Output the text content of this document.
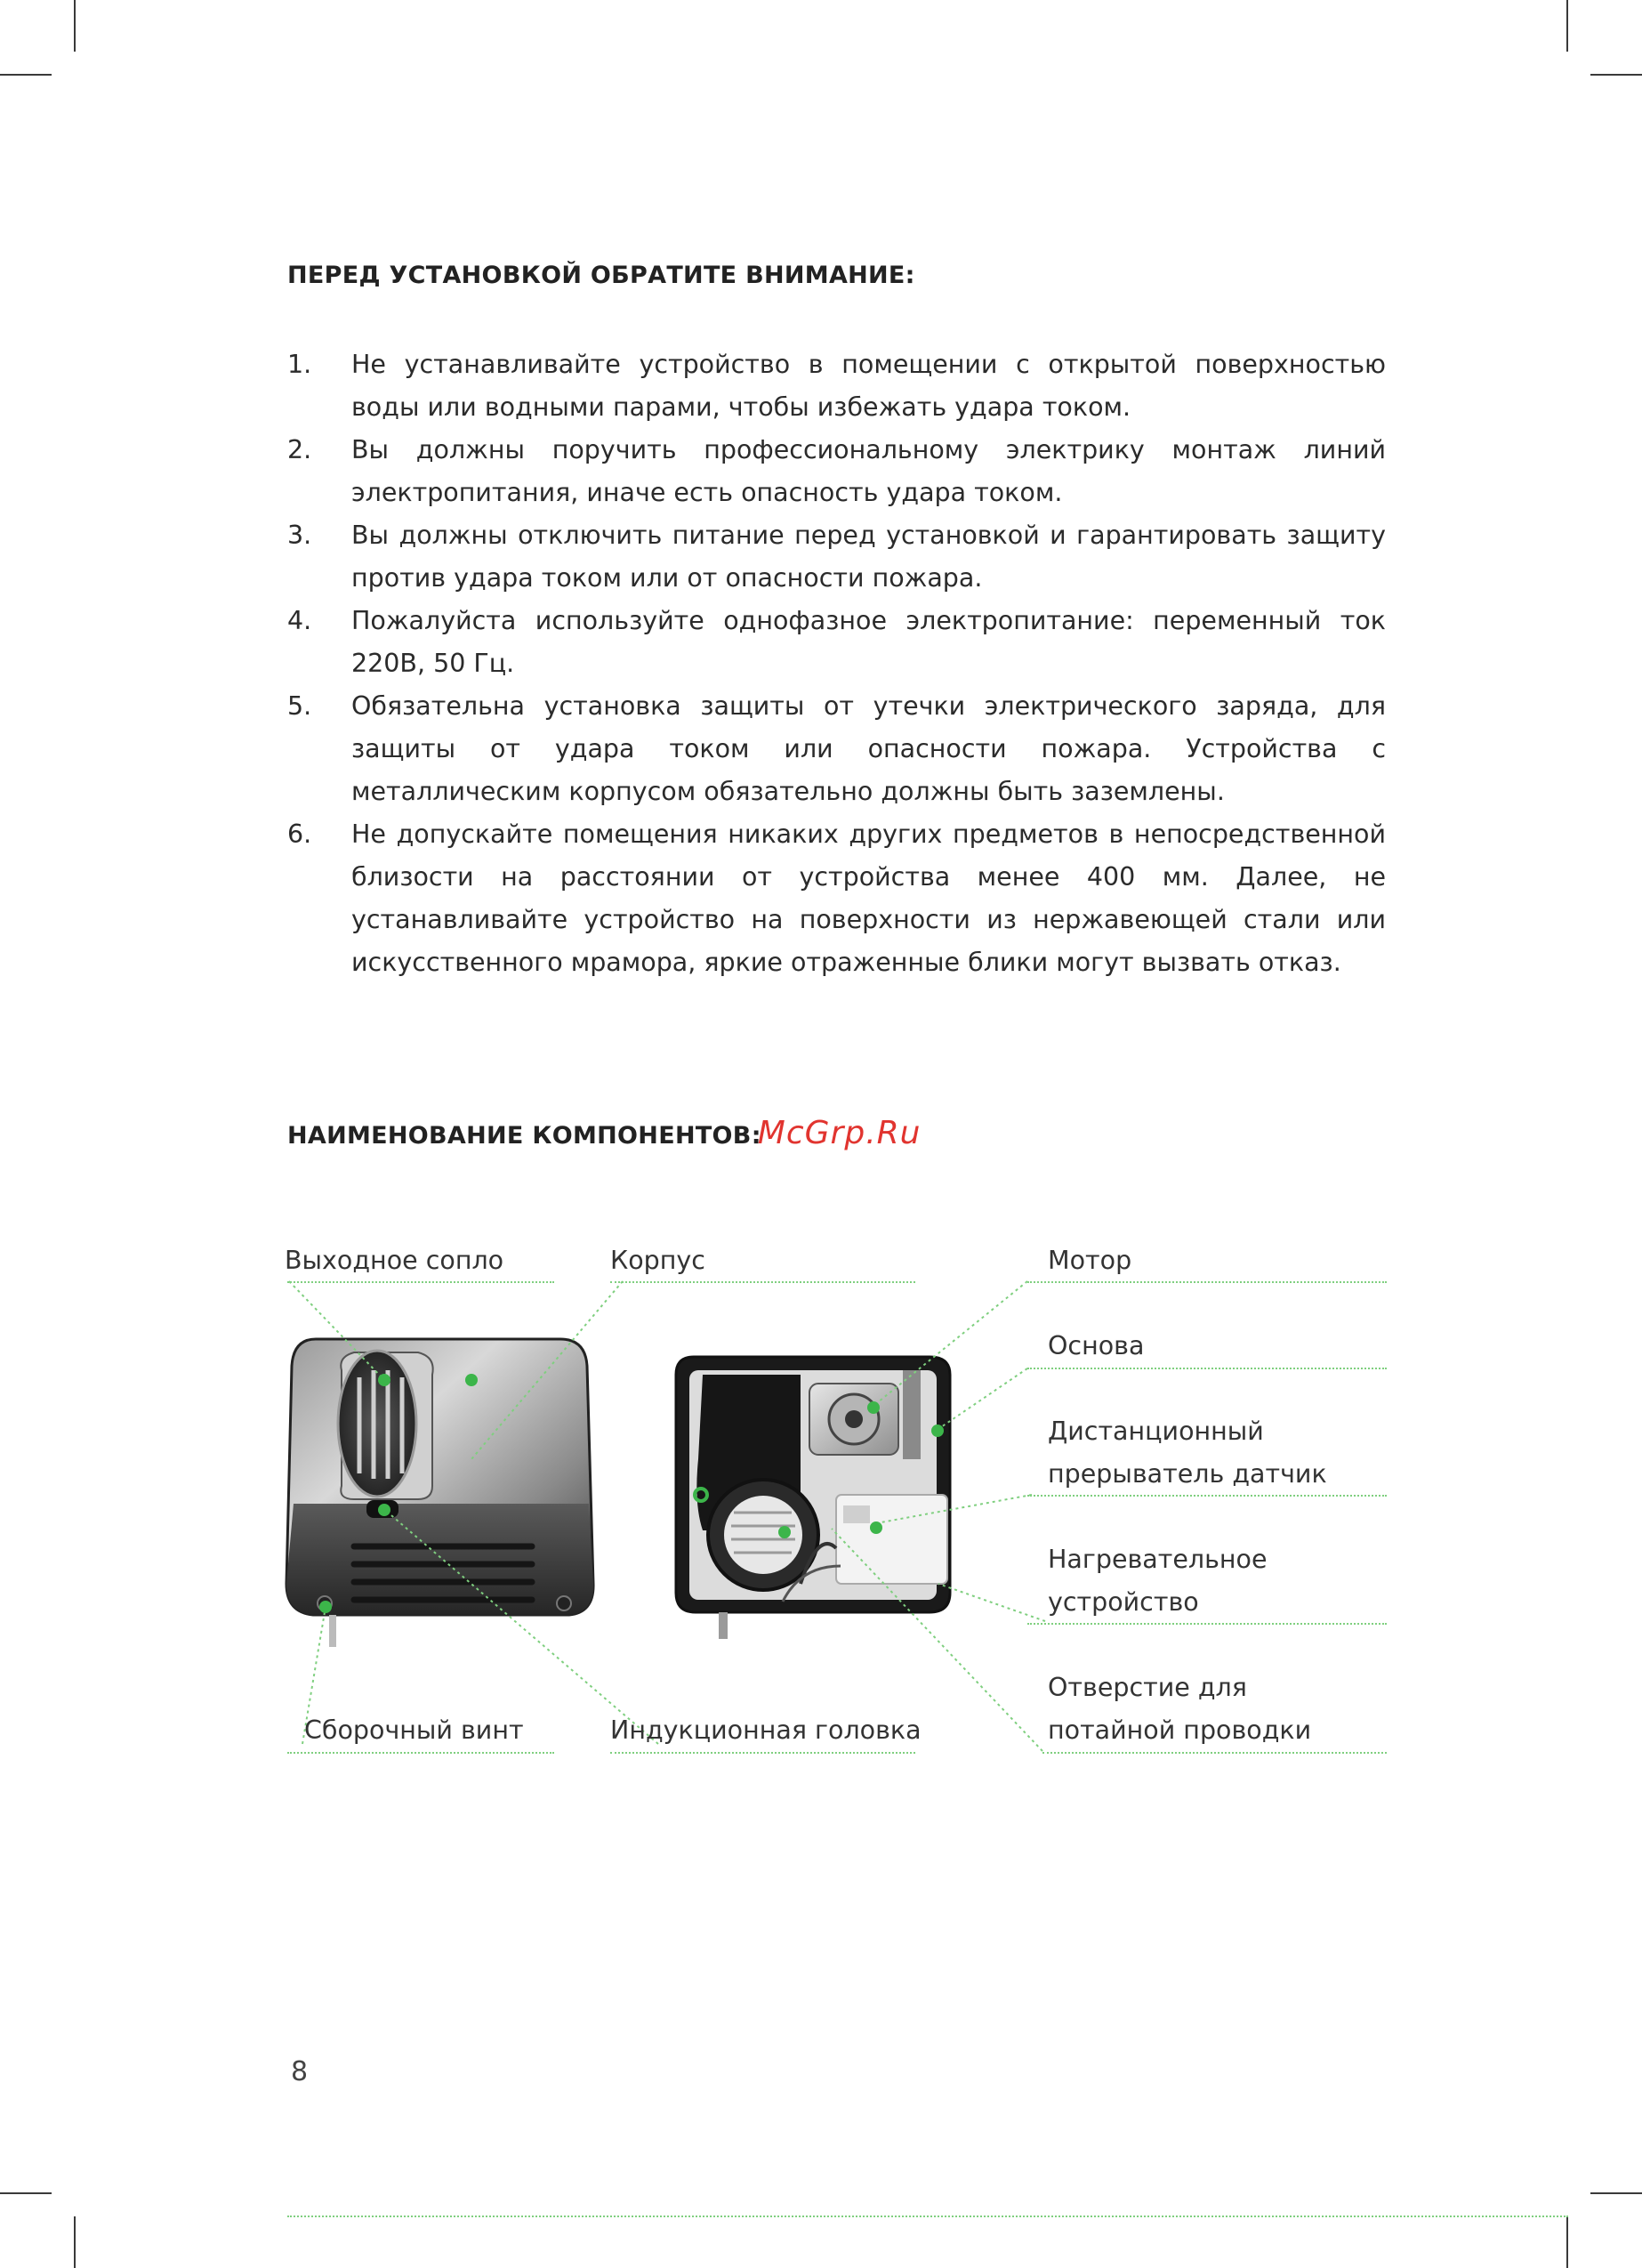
ПЕРЕД УСТАНОВКОЙ ОБРАТИТЕ ВНИМАНИЕ:
1.	Не устанавливайте устройство в помещении с открытой поверхностью воды или водными парами, чтобы избежать удара током.
2.	Вы должны поручить профессиональному электрику монтаж линий электропитания, иначе есть опасность удара током.
3.	Вы должны отключить питание перед установкой и гарантировать защиту против удара током или от опасности пожара.
4.	Пожалуйста используйте однофазное электропитание: переменный ток 220В, 50 Гц.
5.	Обязательна установка защиты от утечки электрического заряда, для защиты от удара током или опасности пожара. Устройства с металлическим корпусом обязательно должны быть заземлены.
6.	Не допускайте помещения никаких других предметов в непосредственной близости на расстоянии от устройства менее 400 мм. Далее, не устанавливайте устройство на поверхности из нержавеющей стали или искусственного мрамора, яркие отраженные блики могут вызвать отказ.
НАИМЕНОВАНИЕ КОМПОНЕНТОВ:McGrp.Ru
Выходное сопло	Корпус	Мотор
Основа
Дистанционный
прерыватель датчик
Нагревательное
устройство
Отверстие для
потайной проводки
Сборочный винт	Индукционная головка
8
